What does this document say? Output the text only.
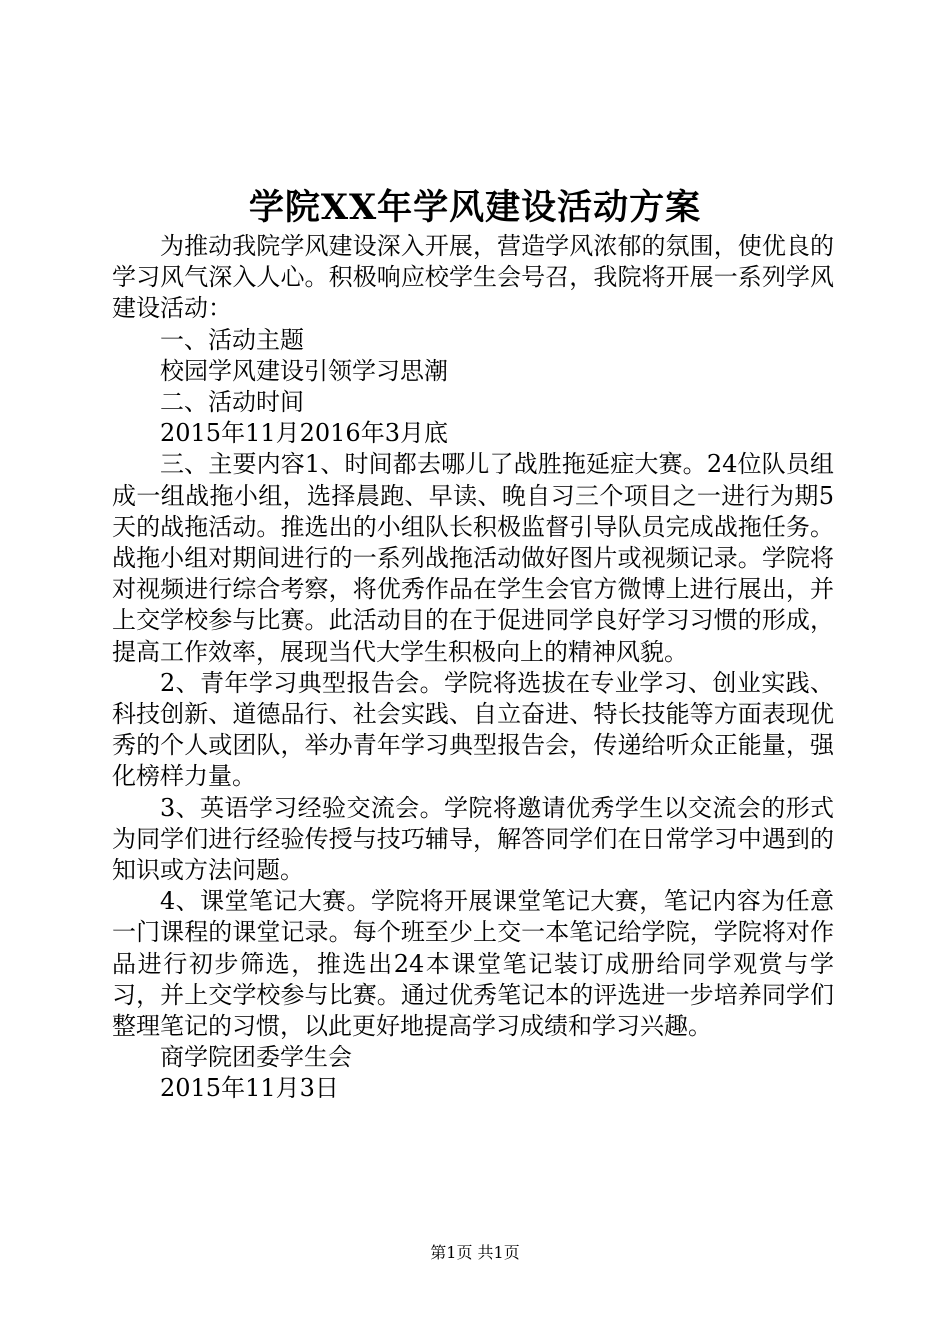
学院XX年学风建设活动方案

为推动我院学风建设深入开展，营造学风浓郁的氛围，使优良的学习风气深入人心。积极响应校学生会号召，我院将开展一系列学风建设活动：

一、活动主题

校园学风建设引领学习思潮

二、活动时间

2015年11月2016年3月底

三、主要内容1、时间都去哪儿了战胜拖延症大赛。24位队员组成一组战拖小组，选择晨跑、早读、晚自习三个项目之一进行为期5天的战拖活动。推选出的小组队长积极监督引导队员完成战拖任务。战拖小组对期间进行的一系列战拖活动做好图片或视频记录。学院将对视频进行综合考察，将优秀作品在学生会官方微博上进行展出，并上交学校参与比赛。此活动目的在于促进同学良好学习习惯的形成，提高工作效率，展现当代大学生积极向上的精神风貌。

2、青年学习典型报告会。学院将选拔在专业学习、创业实践、科技创新、道德品行、社会实践、自立奋进、特长技能等方面表现优秀的个人或团队，举办青年学习典型报告会，传递给听众正能量，强化榜样力量。

3、英语学习经验交流会。学院将邀请优秀学生以交流会的形式为同学们进行经验传授与技巧辅导，解答同学们在日常学习中遇到的知识或方法问题。

4、课堂笔记大赛。学院将开展课堂笔记大赛，笔记内容为任意一门课程的课堂记录。每个班至少上交一本笔记给学院，学院将对作品进行初步筛选，推选出24本课堂笔记装订成册给同学观赏与学习，并上交学校参与比赛。通过优秀笔记本的评选进一步培养同学们整理笔记的习惯，以此更好地提高学习成绩和学习兴趣。

商学院团委学生会

2015年11月3日

第1页 共1页
